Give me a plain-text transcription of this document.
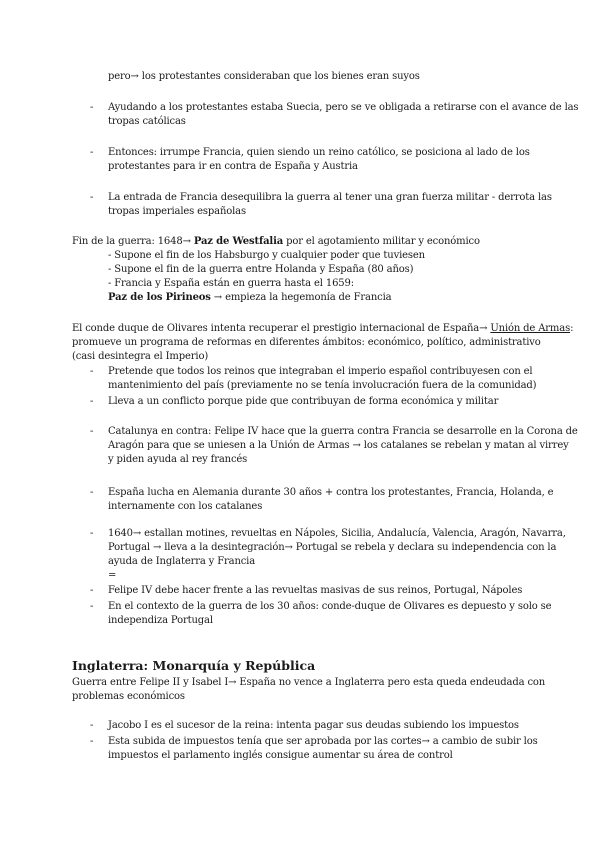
pero→ los protestantes consideraban que los bienes eran suyos
- Ayudando a los protestantes estaba Suecia, pero se ve obligada a retirarse con el avance de las
tropas católicas
- Entonces: irrumpe Francia, quien siendo un reino católico, se posiciona al lado de los
protestantes para ir en contra de España y Austria
- La entrada de Francia desequilibra la guerra al tener una gran fuerza militar - derrota las
tropas imperiales españolas
Fin de la guerra: 1648→ Paz de Westfalia por el agotamiento militar y económico
- Supone el fin de los Habsburgo y cualquier poder que tuviesen
- Supone el fin de la guerra entre Holanda y España (80 años)
- Francia y España están en guerra hasta el 1659:
Paz de los Pirineos → empieza la hegemonía de Francia
El conde duque de Olivares intenta recuperar el prestigio internacional de España→ Unión de Armas:
promueve un programa de reformas en diferentes ámbitos: económico, político, administrativo
(casi desintegra el Imperio)
- Pretende que todos los reinos que integraban el imperio español contribuyesen con el
mantenimiento del país (previamente no se tenía involucración fuera de la comunidad)
- Lleva a un conflicto porque pide que contribuyan de forma económica y militar
- Catalunya en contra: Felipe IV hace que la guerra contra Francia se desarrolle en la Corona de
Aragón para que se uniesen a la Unión de Armas → los catalanes se rebelan y matan al virrey
y piden ayuda al rey francés
- España lucha en Alemania durante 30 años + contra los protestantes, Francia, Holanda, e
internamente con los catalanes
- 1640→ estallan motines, revueltas en Nápoles, Sicilia, Andalucía, Valencia, Aragón, Navarra,
Portugal → lleva a la desintegración→ Portugal se rebela y declara su independencia con la
ayuda de Inglaterra y Francia
=
- Felipe IV debe hacer frente a las revueltas masivas de sus reinos, Portugal, Nápoles
- En el contexto de la guerra de los 30 años: conde-duque de Olivares es depuesto y solo se
independiza Portugal
Inglaterra: Monarquía y República
Guerra entre Felipe II y Isabel I→ España no vence a Inglaterra pero esta queda endeudada con
problemas económicos
- Jacobo I es el sucesor de la reina: intenta pagar sus deudas subiendo los impuestos
- Esta subida de impuestos tenía que ser aprobada por las cortes→ a cambio de subir los
impuestos el parlamento inglés consigue aumentar su área de control
